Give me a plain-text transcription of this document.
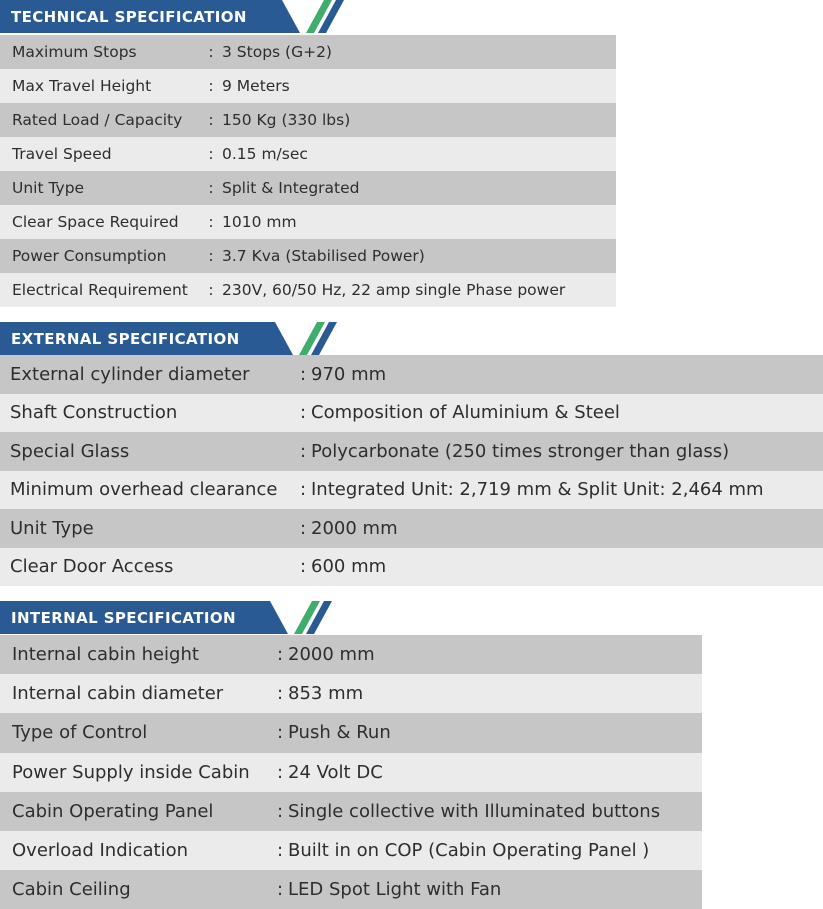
TECHNICAL SPECIFICATION
Maximum Stops	:	3 Stops (G+2)
Max Travel Height	:	9 Meters
Rated Load / Capacity	:	150 Kg (330 lbs)
Travel Speed	:	0.15 m/sec
Unit Type	:	Split & Integrated
Clear Space Required	:	1010 mm
Power Consumption	:	3.7 Kva (Stabilised Power)
Electrical Requirement	:	230V, 60/50 Hz, 22 amp single Phase power
EXTERNAL SPECIFICATION
External cylinder diameter	:	970 mm
Shaft Construction	:	Composition of Aluminium & Steel
Special Glass	:	Polycarbonate (250 times stronger than glass)
Minimum overhead clearance	:	Integrated Unit: 2,719 mm & Split Unit: 2,464 mm
Unit Type	:	2000 mm
Clear Door Access	:	600 mm
INTERNAL SPECIFICATION
Internal cabin height	:	2000 mm
Internal cabin diameter	:	853 mm
Type of Control	:	Push & Run
Power Supply inside Cabin	:	24 Volt DC
Cabin Operating Panel	:	Single collective with Illuminated buttons
Overload Indication	:	Built in on COP (Cabin Operating Panel )
Cabin Ceiling	:	LED Spot Light with Fan
